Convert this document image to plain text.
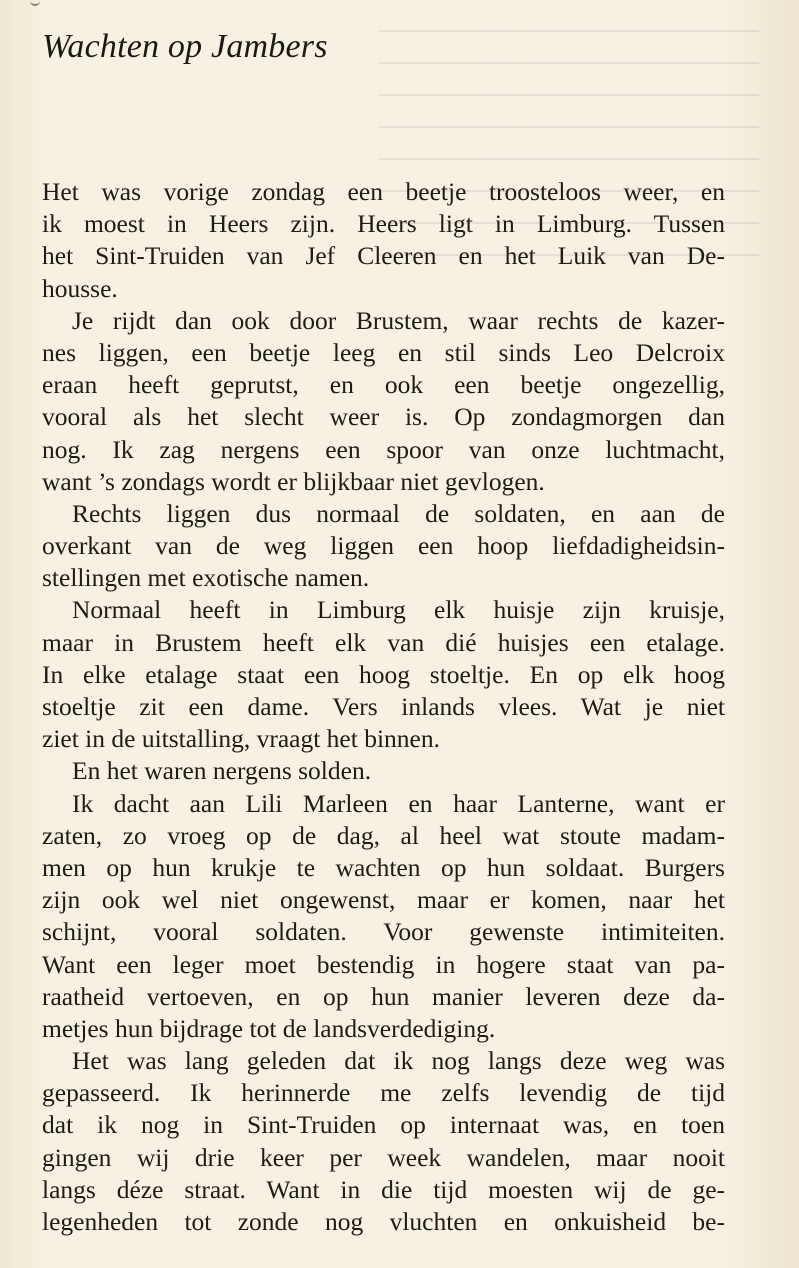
Wachten op Jambers
Het was vorige zondag een beetje troosteloos weer, en
ik moest in Heers zijn. Heers ligt in Limburg. Tussen
het Sint-Truiden van Jef Cleeren en het Luik van De-
housse.
Je rijdt dan ook door Brustem, waar rechts de kazer-
nes liggen, een beetje leeg en stil sinds Leo Delcroix
eraan heeft geprutst, en ook een beetje ongezellig,
vooral als het slecht weer is. Op zondagmorgen dan
nog. Ik zag nergens een spoor van onze luchtmacht,
want ’s zondags wordt er blijkbaar niet gevlogen.
Rechts liggen dus normaal de soldaten, en aan de
overkant van de weg liggen een hoop liefdadigheidsin-
stellingen met exotische namen.
Normaal heeft in Limburg elk huisje zijn kruisje,
maar in Brustem heeft elk van dié huisjes een etalage.
In elke etalage staat een hoog stoeltje. En op elk hoog
stoeltje zit een dame. Vers inlands vlees. Wat je niet
ziet in de uitstalling, vraagt het binnen.
En het waren nergens solden.
Ik dacht aan Lili Marleen en haar Lanterne, want er
zaten, zo vroeg op de dag, al heel wat stoute madam-
men op hun krukje te wachten op hun soldaat. Burgers
zijn ook wel niet ongewenst, maar er komen, naar het
schijnt, vooral soldaten. Voor gewenste intimiteiten.
Want een leger moet bestendig in hogere staat van pa-
raatheid vertoeven, en op hun manier leveren deze da-
metjes hun bijdrage tot de landsverdediging.
Het was lang geleden dat ik nog langs deze weg was
gepasseerd. Ik herinnerde me zelfs levendig de tijd
dat ik nog in Sint-Truiden op internaat was, en toen
gingen wij drie keer per week wandelen, maar nooit
langs déze straat. Want in die tijd moesten wij de ge-
legenheden tot zonde nog vluchten en onkuisheid be-
